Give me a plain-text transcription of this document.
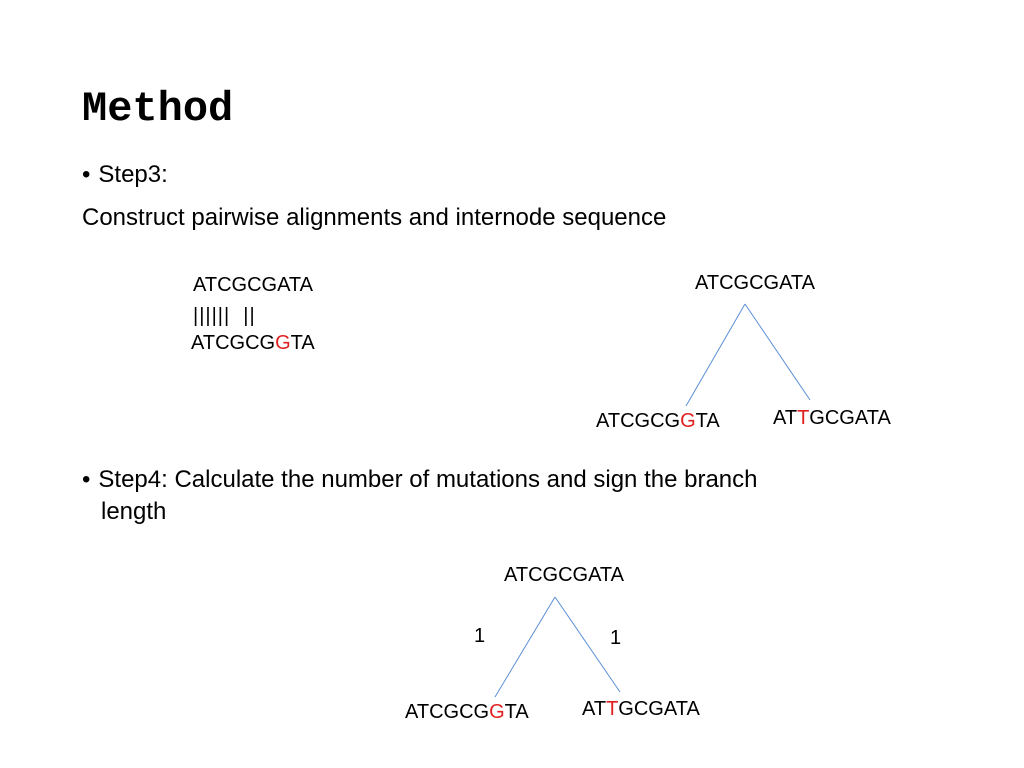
Method
• Step3:
Construct pairwise alignments and internode sequence
ATCGCGATA
||||||  ||
ATCGCGGTA
ATCGCGATA
ATCGCGGTA	ATTGCGATA
• Step4: Calculate the number of mutations and sign the branch
length
ATCGCGATA
1	1
ATCGCGGTA	ATTGCGATA
